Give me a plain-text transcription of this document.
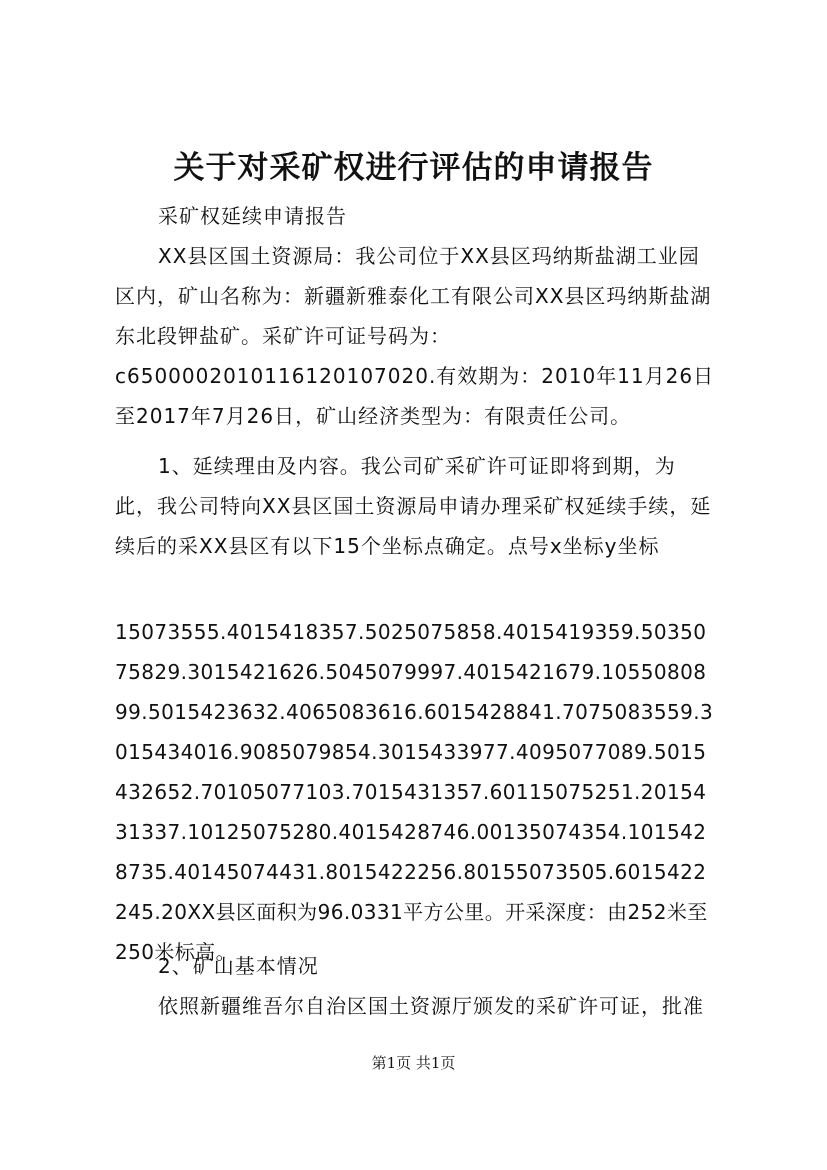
关于对采矿权进行评估的申请报告

采矿权延续申请报告

XX县区国土资源局：我公司位于XX县区玛纳斯盐湖工业园区内，矿山名称为：新疆新雅泰化工有限公司XX县区玛纳斯盐湖东北段钾盐矿。采矿许可证号码为：c6500002010116120107020.有效期为：2010年11月26日至2017年7月26日，矿山经济类型为：有限责任公司。

1、延续理由及内容。我公司矿采矿许可证即将到期，为此，我公司特向XX县区国土资源局申请办理采矿权延续手续，延续后的采XX县区有以下15个坐标点确定。点号x坐标y坐标

15073555.4015418357.5025075858.4015419359.5035075829.3015421626.5045079997.4015421679.1055080899.5015423632.4065083616.6015428841.7075083559.3015434016.9085079854.3015433977.4095077089.5015432652.70105077103.7015431357.60115075251.2015431337.10125075280.4015428746.00135074354.1015428735.40145074431.8015422256.80155073505.6015422245.20XX县区面积为96.0331平方公里。开采深度：由252米至250米标高。

2、矿山基本情况

依照新疆维吾尔自治区国土资源厅颁发的采矿许可证，批准

第1页 共1页
